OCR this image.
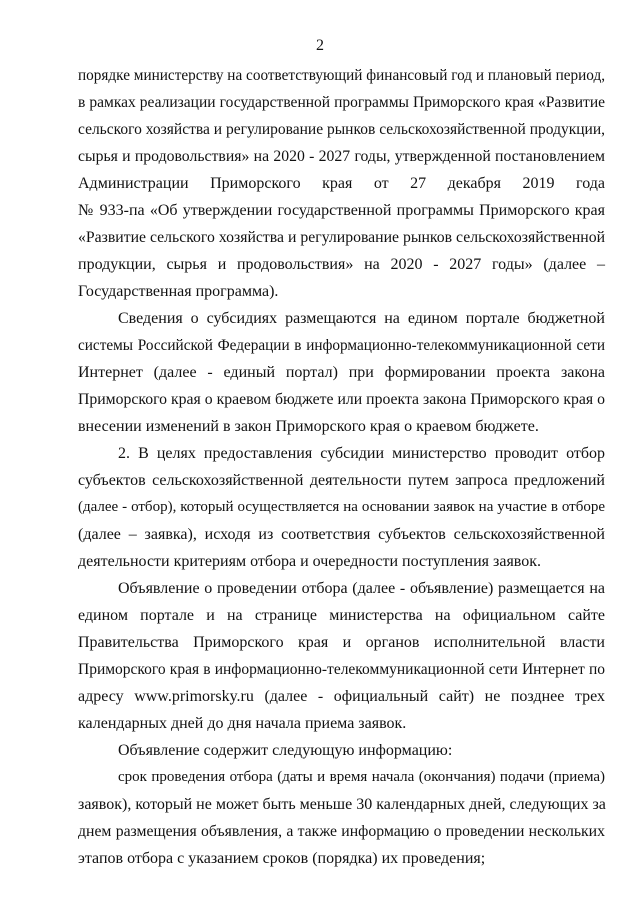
2
порядке министерству на соответствующий финансовый год и плановый период,
в рамках реализации государственной программы Приморского края «Развитие
сельского хозяйства и регулирование рынков сельскохозяйственной продукции,
сырья и продовольствия» на 2020 - 2027 годы, утвержденной постановлением
Администрации Приморского края от 27 декабря 2019 года
№ 933-па «Об утверждении государственной программы Приморского края
«Развитие сельского хозяйства и регулирование рынков сельскохозяйственной
продукции, сырья и продовольствия» на 2020 - 2027 годы» (далее –
Государственная программа).
Сведения о субсидиях размещаются на едином портале бюджетной
системы Российской Федерации в информационно-телекоммуникационной сети
Интернет (далее - единый портал) при формировании проекта закона
Приморского края о краевом бюджете или проекта закона Приморского края о
внесении изменений в закон Приморского края о краевом бюджете.
2. В целях предоставления субсидии министерство проводит отбор
субъектов сельскохозяйственной деятельности путем запроса предложений
(далее - отбор), который осуществляется на основании заявок на участие в отборе
(далее – заявка), исходя из соответствия субъектов сельскохозяйственной
деятельности критериям отбора и очередности поступления заявок.
Объявление о проведении отбора (далее - объявление) размещается на
едином портале и на странице министерства на официальном сайте
Правительства Приморского края и органов исполнительной власти
Приморского края в информационно-телекоммуникационной сети Интернет по
адресу www.primorsky.ru (далее - официальный сайт) не позднее трех
календарных дней до дня начала приема заявок.
Объявление содержит следующую информацию:
срок проведения отбора (даты и время начала (окончания) подачи (приема)
заявок), который не может быть меньше 30 календарных дней, следующих за
днем размещения объявления, а также информацию о проведении нескольких
этапов отбора с указанием сроков (порядка) их проведения;
